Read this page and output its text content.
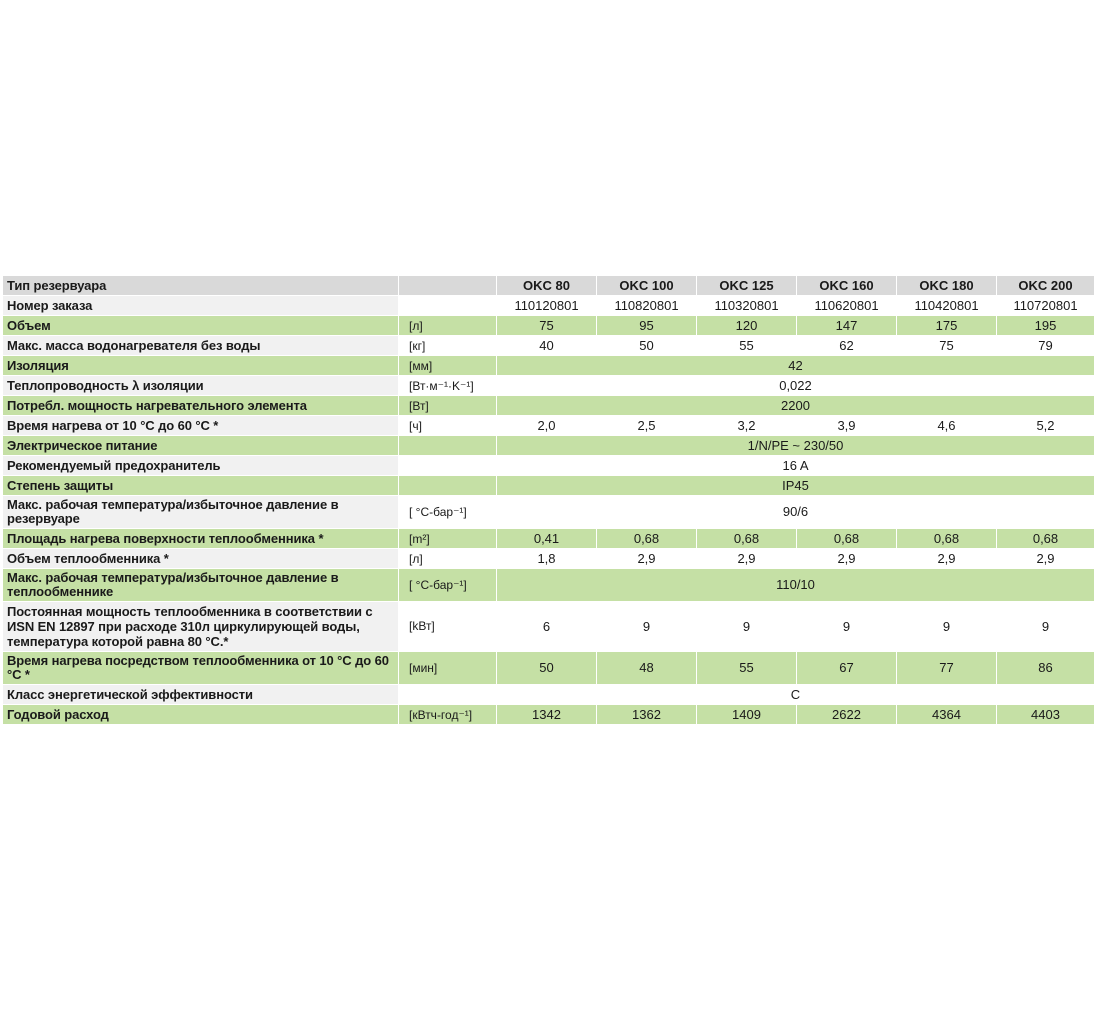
Тип резервуара		OKC 80	OKC 100	OKC 125	OKC 160	OKC 180	OKC 200
Номер заказа		110120801	110820801	110320801	110620801	110420801	110720801
Объем	[л]	75	95	120	147	175	195
Макс. масса водонагревателя без воды	[кг]	40	50	55	62	75	79
Изоляция	[мм]	42					
Теплопроводность λ изоляции	[Вт·м⁻¹·K⁻¹]	0,022					
Потребл. мощность нагревательного элемента	[Вт]	2200					
Время нагрева от 10 °C до 60 °C *	[ч]	2,0	2,5	3,2	3,9	4,6	5,2
Электрическое питание		1/N/PE ~ 230/50					
Рекомендуемый предохранитель		16 A					
Степень защиты		IP45					
Макс. рабочая температура/избыточное давление в резервуаре	[ °C-бар⁻¹]	90/6					
Площадь нагрева поверхности теплообменника *	[m²]	0,41	0,68	0,68	0,68	0,68	0,68
Объем теплообменника *	[л]	1,8	2,9	2,9	2,9	2,9	2,9
Макс. рабочая температура/избыточное давление в теплообменнике	[ °C-бар⁻¹]	110/10					
Постоянная мощность теплообменника в соответствии с ИSN EN 12897 при расходе 310л циркулирующей воды, температура которой равна 80 °C.*	[kВт]	6	9	9	9	9	9
Время нагрева посредством теплообменника от 10 °C до 60 °C *	[мин]	50	48	55	67	77	86
Класс энергетической эффективности		C					
Годовой расход	[кВтч-год⁻¹]	1342	1362	1409	2622	4364	4403
